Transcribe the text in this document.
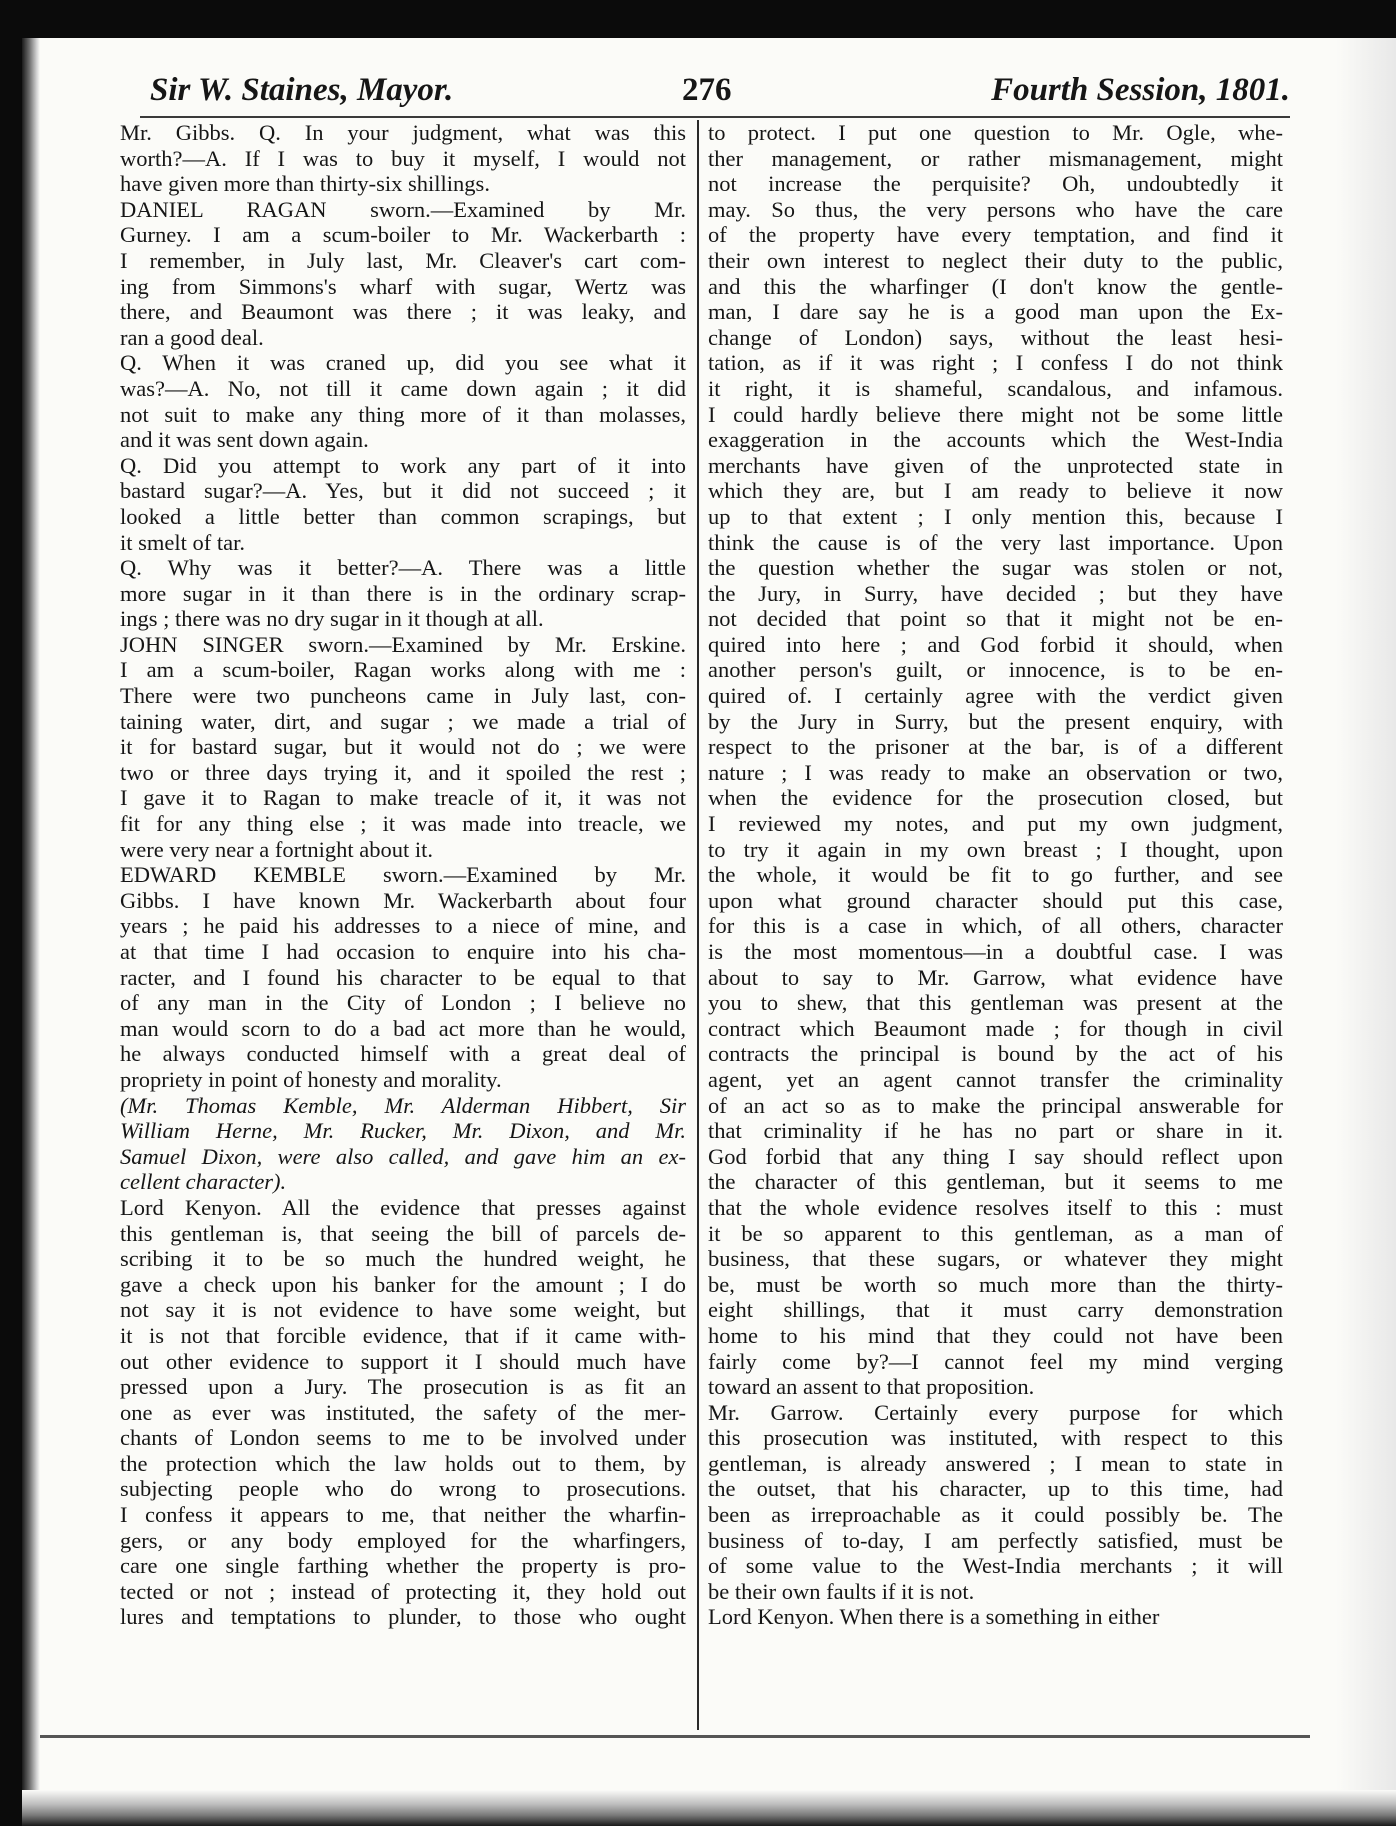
Sir W. Staines, Mayor.	276	Fourth Session, 1801.
Mr. Gibbs. Q. In your judgment, what was this
worth?—A. If I was to buy it myself, I would not
have given more than thirty-six shillings.
DANIEL RAGAN sworn.—Examined by Mr.
Gurney. I am a scum-boiler to Mr. Wackerbarth :
I remember, in July last, Mr. Cleaver's cart com-
ing from Simmons's wharf with sugar, Wertz was
there, and Beaumont was there ; it was leaky, and
ran a good deal.
Q. When it was craned up, did you see what it
was?—A. No, not till it came down again ; it did
not suit to make any thing more of it than molasses,
and it was sent down again.
Q. Did you attempt to work any part of it into
bastard sugar?—A. Yes, but it did not succeed ; it
looked a little better than common scrapings, but
it smelt of tar.
Q. Why was it better?—A. There was a little
more sugar in it than there is in the ordinary scrap-
ings ; there was no dry sugar in it though at all.
JOHN SINGER sworn.—Examined by Mr. Erskine.
I am a scum-boiler, Ragan works along with me :
There were two puncheons came in July last, con-
taining water, dirt, and sugar ; we made a trial of
it for bastard sugar, but it would not do ; we were
two or three days trying it, and it spoiled the rest ;
I gave it to Ragan to make treacle of it, it was not
fit for any thing else ; it was made into treacle, we
were very near a fortnight about it.
EDWARD KEMBLE sworn.—Examined by Mr.
Gibbs. I have known Mr. Wackerbarth about four
years ; he paid his addresses to a niece of mine, and
at that time I had occasion to enquire into his cha-
racter, and I found his character to be equal to that
of any man in the City of London ; I believe no
man would scorn to do a bad act more than he would,
he always conducted himself with a great deal of
propriety in point of honesty and morality.
(Mr. Thomas Kemble, Mr. Alderman Hibbert, Sir
William Herne, Mr. Rucker, Mr. Dixon, and Mr.
Samuel Dixon, were also called, and gave him an ex-
cellent character).
Lord Kenyon. All the evidence that presses against
this gentleman is, that seeing the bill of parcels de-
scribing it to be so much the hundred weight, he
gave a check upon his banker for the amount ; I do
not say it is not evidence to have some weight, but
it is not that forcible evidence, that if it came with-
out other evidence to support it I should much have
pressed upon a Jury. The prosecution is as fit an
one as ever was instituted, the safety of the mer-
chants of London seems to me to be involved under
the protection which the law holds out to them, by
subjecting people who do wrong to prosecutions.
I confess it appears to me, that neither the wharfin-
gers, or any body employed for the wharfingers,
care one single farthing whether the property is pro-
tected or not ; instead of protecting it, they hold out
lures and temptations to plunder, to those who ought
to protect. I put one question to Mr. Ogle, whe-
ther management, or rather mismanagement, might
not increase the perquisite? Oh, undoubtedly it
may. So thus, the very persons who have the care
of the property have every temptation, and find it
their own interest to neglect their duty to the public,
and this the wharfinger (I don't know the gentle-
man, I dare say he is a good man upon the Ex-
change of London) says, without the least hesi-
tation, as if it was right ; I confess I do not think
it right, it is shameful, scandalous, and infamous.
I could hardly believe there might not be some little
exaggeration in the accounts which the West-India
merchants have given of the unprotected state in
which they are, but I am ready to believe it now
up to that extent ; I only mention this, because I
think the cause is of the very last importance. Upon
the question whether the sugar was stolen or not,
the Jury, in Surry, have decided ; but they have
not decided that point so that it might not be en-
quired into here ; and God forbid it should, when
another person's guilt, or innocence, is to be en-
quired of. I certainly agree with the verdict given
by the Jury in Surry, but the present enquiry, with
respect to the prisoner at the bar, is of a different
nature ; I was ready to make an observation or two,
when the evidence for the prosecution closed, but
I reviewed my notes, and put my own judgment,
to try it again in my own breast ; I thought, upon
the whole, it would be fit to go further, and see
upon what ground character should put this case,
for this is a case in which, of all others, character
is the most momentous—in a doubtful case. I was
about to say to Mr. Garrow, what evidence have
you to shew, that this gentleman was present at the
contract which Beaumont made ; for though in civil
contracts the principal is bound by the act of his
agent, yet an agent cannot transfer the criminality
of an act so as to make the principal answerable for
that criminality if he has no part or share in it.
God forbid that any thing I say should reflect upon
the character of this gentleman, but it seems to me
that the whole evidence resolves itself to this : must
it be so apparent to this gentleman, as a man of
business, that these sugars, or whatever they might
be, must be worth so much more than the thirty-
eight shillings, that it must carry demonstration
home to his mind that they could not have been
fairly come by?—I cannot feel my mind verging
toward an assent to that proposition.
Mr. Garrow. Certainly every purpose for which
this prosecution was instituted, with respect to this
gentleman, is already answered ; I mean to state in
the outset, that his character, up to this time, had
been as irreproachable as it could possibly be. The
business of to-day, I am perfectly satisfied, must be
of some value to the West-India merchants ; it will
be their own faults if it is not.
Lord Kenyon. When there is a something in either
